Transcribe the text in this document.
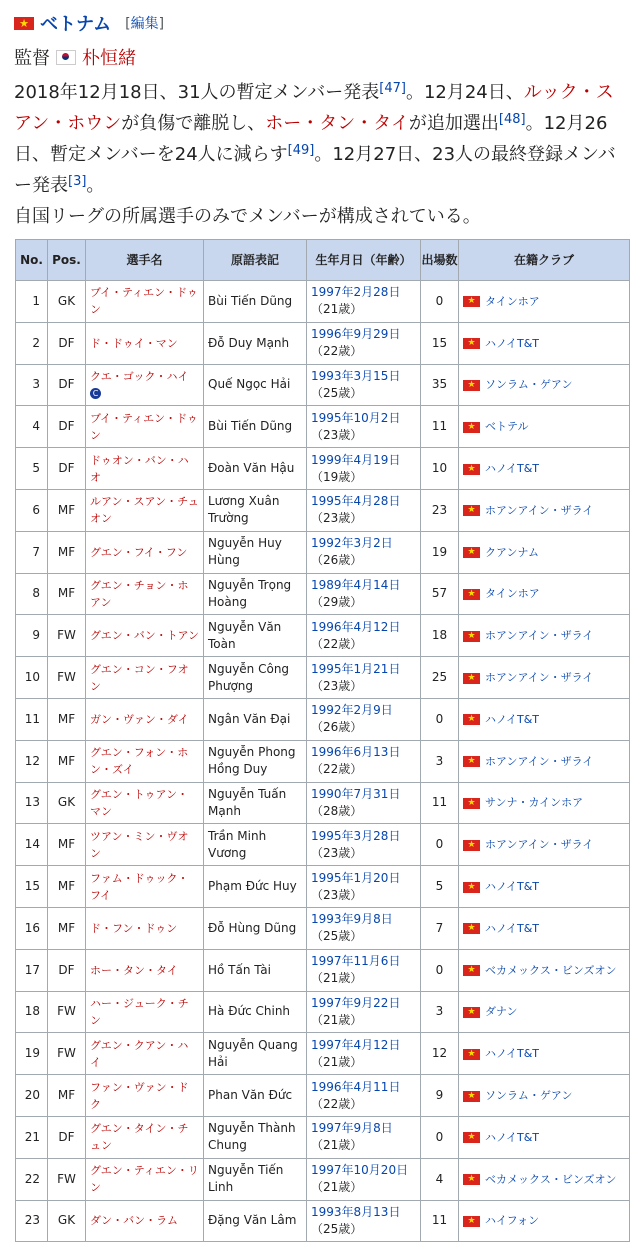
★
ベトナム [編集]
監督 朴恒緒
2018年12月18日、31人の暫定メンバー発表[47]。12月24日、ルック・スアン・ホウンが負傷で離脱し、ホー・タン・タイが追加選出[48]。12月26日、暫定メンバーを24人に減らす[49]。12月27日、23人の最終登録メンバー発表[3]。
自国リーグの所属選手のみでメンバーが構成されている。
No.	Pos.	選手名	原語表記	生年月日（年齢）	出場数	在籍クラブ
1	GK	ブイ・ティエン・ドゥン	Bùi Tiến Dũng	1997年2月28日
（21歳）	0	★タインホア
2	DF	ド・ドゥイ・マン	Đỗ Duy Mạnh	1996年9月29日
（22歳）	15	★ハノイT&T
3	DF	クエ・ゴック・ハイ C	Quế Ngọc Hải	1993年3月15日
（25歳）	35	★ソンラム・ゲアン
4	DF	ブイ・ティエン・ドゥン	Bùi Tiến Dũng	1995年10月2日
（23歳）	11	★ベトテル
5	DF	ドゥオン・バン・ハオ	Đoàn Văn Hậu	1999年4月19日
（19歳）	10	★ハノイT&T
6	MF	ルアン・スアン・チュオン	Lương Xuân Trường	1995年4月28日
（23歳）	23	★ホアンアイン・ザライ
7	MF	グエン・フイ・フン	Nguyễn Huy Hùng	1992年3月2日
（26歳）	19	★クアンナム
8	MF	グエン・チョン・ホアン	Nguyễn Trọng Hoàng	1989年4月14日
（29歳）	57	★タインホア
9	FW	グエン・バン・トアン	Nguyễn Văn Toàn	1996年4月12日
（22歳）	18	★ホアンアイン・ザライ
10	FW	グエン・コン・フオン	Nguyễn Công Phượng	1995年1月21日
（23歳）	25	★ホアンアイン・ザライ
11	MF	ガン・ヴァン・ダイ	Ngân Văn Đại	1992年2月9日
（26歳）	0	★ハノイT&T
12	MF	グエン・フォン・ホン・ズイ	Nguyễn Phong Hồng Duy	1996年6月13日
（22歳）	3	★ホアンアイン・ザライ
13	GK	グエン・トゥアン・マン	Nguyễn Tuấn Mạnh	1990年7月31日
（28歳）	11	★サンナ・カインホア
14	MF	ツアン・ミン・ヴオン	Trần Minh Vương	1995年3月28日
（23歳）	0	★ホアンアイン・ザライ
15	MF	ファム・ドゥック・フイ	Phạm Đức Huy	1995年1月20日
（23歳）	5	★ハノイT&T
16	MF	ド・フン・ドゥン	Đỗ Hùng Dũng	1993年9月8日
（25歳）	7	★ハノイT&T
17	DF	ホー・タン・タイ	Hồ Tấn Tài	1997年11月6日
（21歳）	0	★ベカメックス・ビンズオン
18	FW	ハー・ジューク・チン	Hà Đức Chinh	1997年9月22日
（21歳）	3	★ダナン
19	FW	グエン・クアン・ハイ	Nguyễn Quang Hải	1997年4月12日
（21歳）	12	★ハノイT&T
20	MF	ファン・ヴァン・ドク	Phan Văn Đức	1996年4月11日
（22歳）	9	★ソンラム・ゲアン
21	DF	グエン・タイン・チュン	Nguyễn Thành Chung	1997年9月8日
（21歳）	0	★ハノイT&T
22	FW	グエン・ティエン・リン	Nguyễn Tiến Linh	1997年10月20日
（21歳）	4	★ベカメックス・ビンズオン
23	GK	ダン・バン・ラム	Đặng Văn Lâm	1993年8月13日
（25歳）	11	★ハイフォン
